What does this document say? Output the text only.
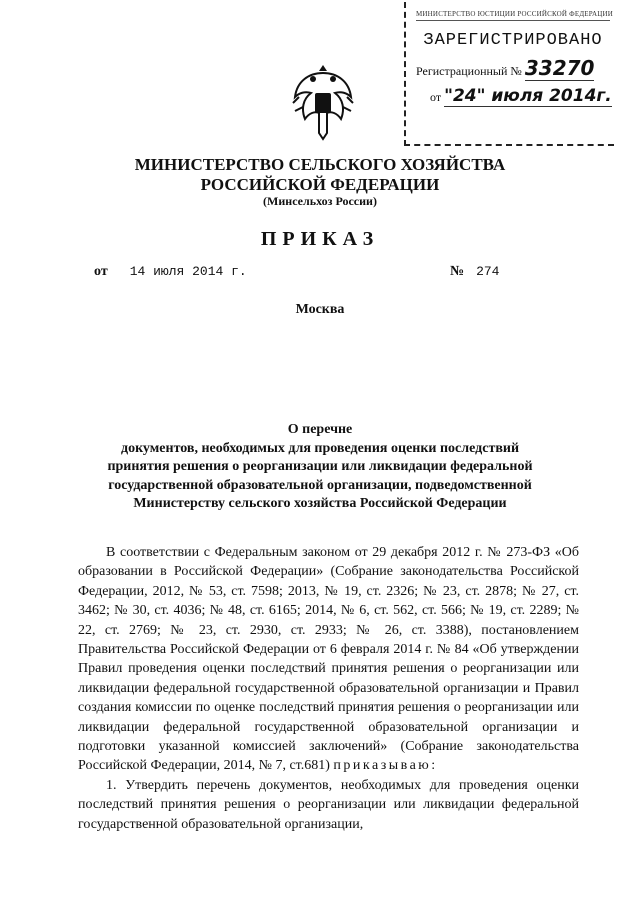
МИНИСТЕРСТВО ЮСТИЦИИ РОССИЙСКОЙ ФЕДЕРАЦИИ
ЗАРЕГИСТРИРОВАНО
Регистрационный № 33270
от "24" июля 2014г.
МИНИСТЕРСТВО СЕЛЬСКОГО ХОЗЯЙСТВА
РОССИЙСКОЙ ФЕДЕРАЦИИ
(Минсельхоз России)
ПРИКАЗ
от 14 июля 2014 г.	№ 274
Москва
О перечне
документов, необходимых для проведения оценки последствий
принятия решения о реорганизации или ликвидации федеральной
государственной образовательной организации, подведомственной
Министерству сельского хозяйства Российской Федерации

В соответствии с Федеральным законом от 29 декабря 2012 г. № 273-ФЗ «Об образовании в Российской Федерации» (Собрание законодательства Российской Федерации, 2012, № 53, ст. 7598; 2013, № 19, ст. 2326; № 23, ст. 2878; № 27, ст. 3462; № 30, ст. 4036; № 48, ст. 6165; 2014, № 6, ст. 562, ст. 566; № 19, ст. 2289; № 22, ст. 2769; № 23, ст. 2930, ст. 2933; № 26, ст. 3388), постановлением Правительства Российской Федерации от 6 февраля 2014 г. № 84 «Об утверждении Правил проведения оценки последствий принятия решения о реорганизации или ликвидации федеральной государственной образовательной организации и Правил создания комиссии по оценке последствий принятия решения о реорганизации или ликвидации федеральной государственной образовательной организации и подготовки указанной комиссией заключений» (Собрание законодательства Российской Федерации, 2014, № 7, ст.681) приказываю:

1. Утвердить перечень документов, необходимых для проведения оценки последствий принятия решения о реорганизации или ликвидации федеральной государственной образовательной организации,
